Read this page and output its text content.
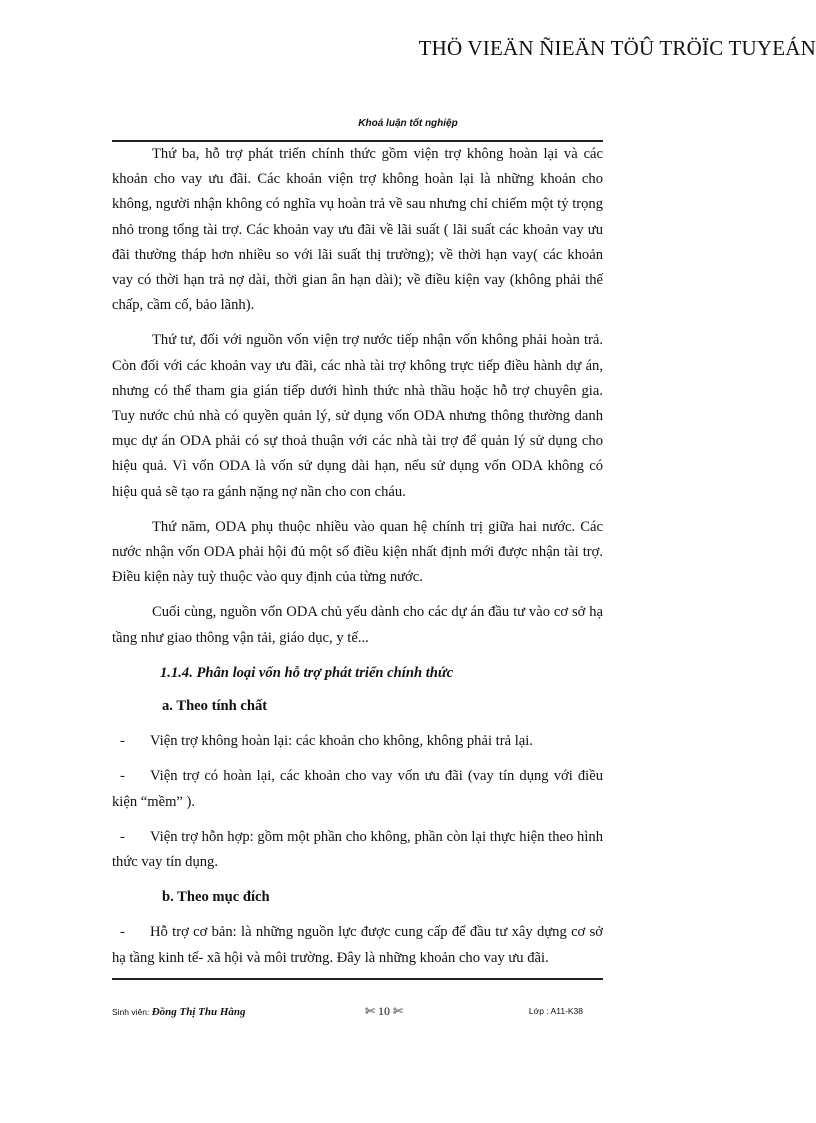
THÖ VIEÄN ÑIEÄN TÖÛ TRÖÏC TUYEÁN
Khoá luận tốt nghiệp

Thứ ba, hỗ trợ phát triển chính thức gồm viện trợ không hoàn lại và các khoản cho vay ưu đãi. Các khoản viện trợ không hoàn lại là những khoản cho không, người nhận không có nghĩa vụ hoàn trả về sau nhưng chỉ chiếm một tỷ trọng nhỏ trong tổng tài trợ. Các khoản vay ưu đãi về lãi suất ( lãi suất các khoản vay ưu đãi thường tháp hơn nhiều so với lãi suất thị trường); về thời hạn vay( các khoản vay có thời hạn trả nợ dài, thời gian ân hạn dài); về điều kiện vay (không phải thế chấp, cầm cố, bảo lãnh).

Thứ tư, đối với nguồn vốn viện trợ nước tiếp nhận vốn không phải hoàn trả. Còn đối với các khoản vay ưu đãi, các nhà tài trợ không trực tiếp điều hành dự án, nhưng có thể tham gia gián tiếp dưới hình thức nhà thầu hoặc hỗ trợ chuyên gia. Tuy nước chủ nhà có quyền quản lý, sử dụng vốn ODA nhưng thông thường danh mục dự án ODA phải có sự thoả thuận với các nhà tài trợ để quản lý sử dụng cho hiệu quả. Vì vốn ODA là vốn sử dụng dài hạn, nếu sử dụng vốn ODA không có hiệu quả sẽ tạo ra gánh nặng nợ nần cho con cháu.

Thứ năm, ODA phụ thuộc nhiều vào quan hệ chính trị giữa hai nước. Các nước nhận vốn ODA phải hội đủ một số điều kiện nhất định mới được nhận tài trợ. Điều kiện này tuỳ thuộc vào quy định của từng nước.

Cuối cùng, nguồn vốn ODA chủ yếu dành cho các dự án đầu tư vào cơ sở hạ tầng như giao thông vận tải, giáo dục, y tế...

1.1.4. Phân loại vốn hỗ trợ phát triển chính thức

a. Theo tính chất

- Viện trợ không hoàn lại: các khoản cho không, không phải trả lại.

- Viện trợ có hoàn lại, các khoản cho vay vốn ưu đãi (vay tín dụng với điều kiện “mềm” ).

- Viện trợ hỗn hợp: gồm một phần cho không, phần còn lại thực hiện theo hình thức vay tín dụng.

b. Theo mục đích

- Hỗ trợ cơ bản: là những nguồn lực được cung cấp để đầu tư xây dựng cơ sở hạ tầng kinh tế- xã hội và môi trường. Đây là những khoản cho vay ưu đãi.

Sinh viên: Đồng Thị Thu Hằng	✄ 10 ✄	Lớp : A11-K38
